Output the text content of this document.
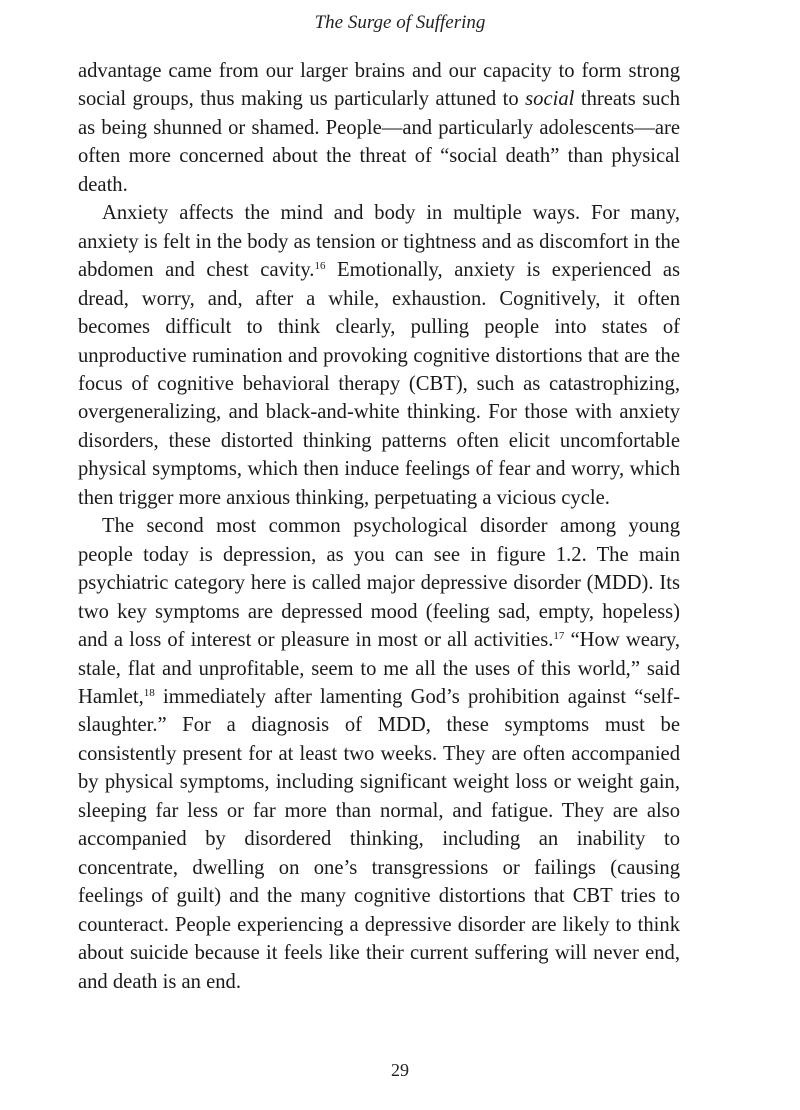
The Surge of Suffering

advantage came from our larger brains and our capacity to form strong social groups, thus making us particularly attuned to social threats such as being shunned or shamed. People—and particularly adolescents—are often more concerned about the threat of “social death” than physical death.

Anxiety affects the mind and body in multiple ways. For many, anxiety is felt in the body as tension or tightness and as discomfort in the abdomen and chest cavity.$^{16}$ Emotionally, anxiety is experienced as dread, worry, and, after a while, exhaustion. Cognitively, it often becomes difficult to think clearly, pulling people into states of unproductive rumination and provoking cognitive distortions that are the focus of cognitive behavioral therapy (CBT), such as catastrophizing, overgeneralizing, and black-and-white thinking. For those with anxiety disorders, these distorted thinking patterns often elicit uncomfortable physical symptoms, which then induce feelings of fear and worry, which then trigger more anxious thinking, perpetuating a vicious cycle.

The second most common psychological disorder among young people today is depression, as you can see in figure 1.2. The main psychiatric category here is called major depressive disorder (MDD). Its two key symptoms are depressed mood (feeling sad, empty, hopeless) and a loss of interest or pleasure in most or all activities.$^{17}$ “How weary, stale, flat and unprofitable, seem to me all the uses of this world,” said Hamlet,$^{18}$ immediately after lamenting God’s prohibition against “self-slaughter.” For a diagnosis of MDD, these symptoms must be consistently present for at least two weeks. They are often accompanied by physical symptoms, including significant weight loss or weight gain, sleeping far less or far more than normal, and fatigue. They are also accompanied by disordered thinking, including an inability to concentrate, dwelling on one’s transgressions or failings (causing feelings of guilt) and the many cognitive distortions that CBT tries to counteract. People experiencing a depressive disorder are likely to think about suicide because it feels like their current suffering will never end, and death is an end.

29
